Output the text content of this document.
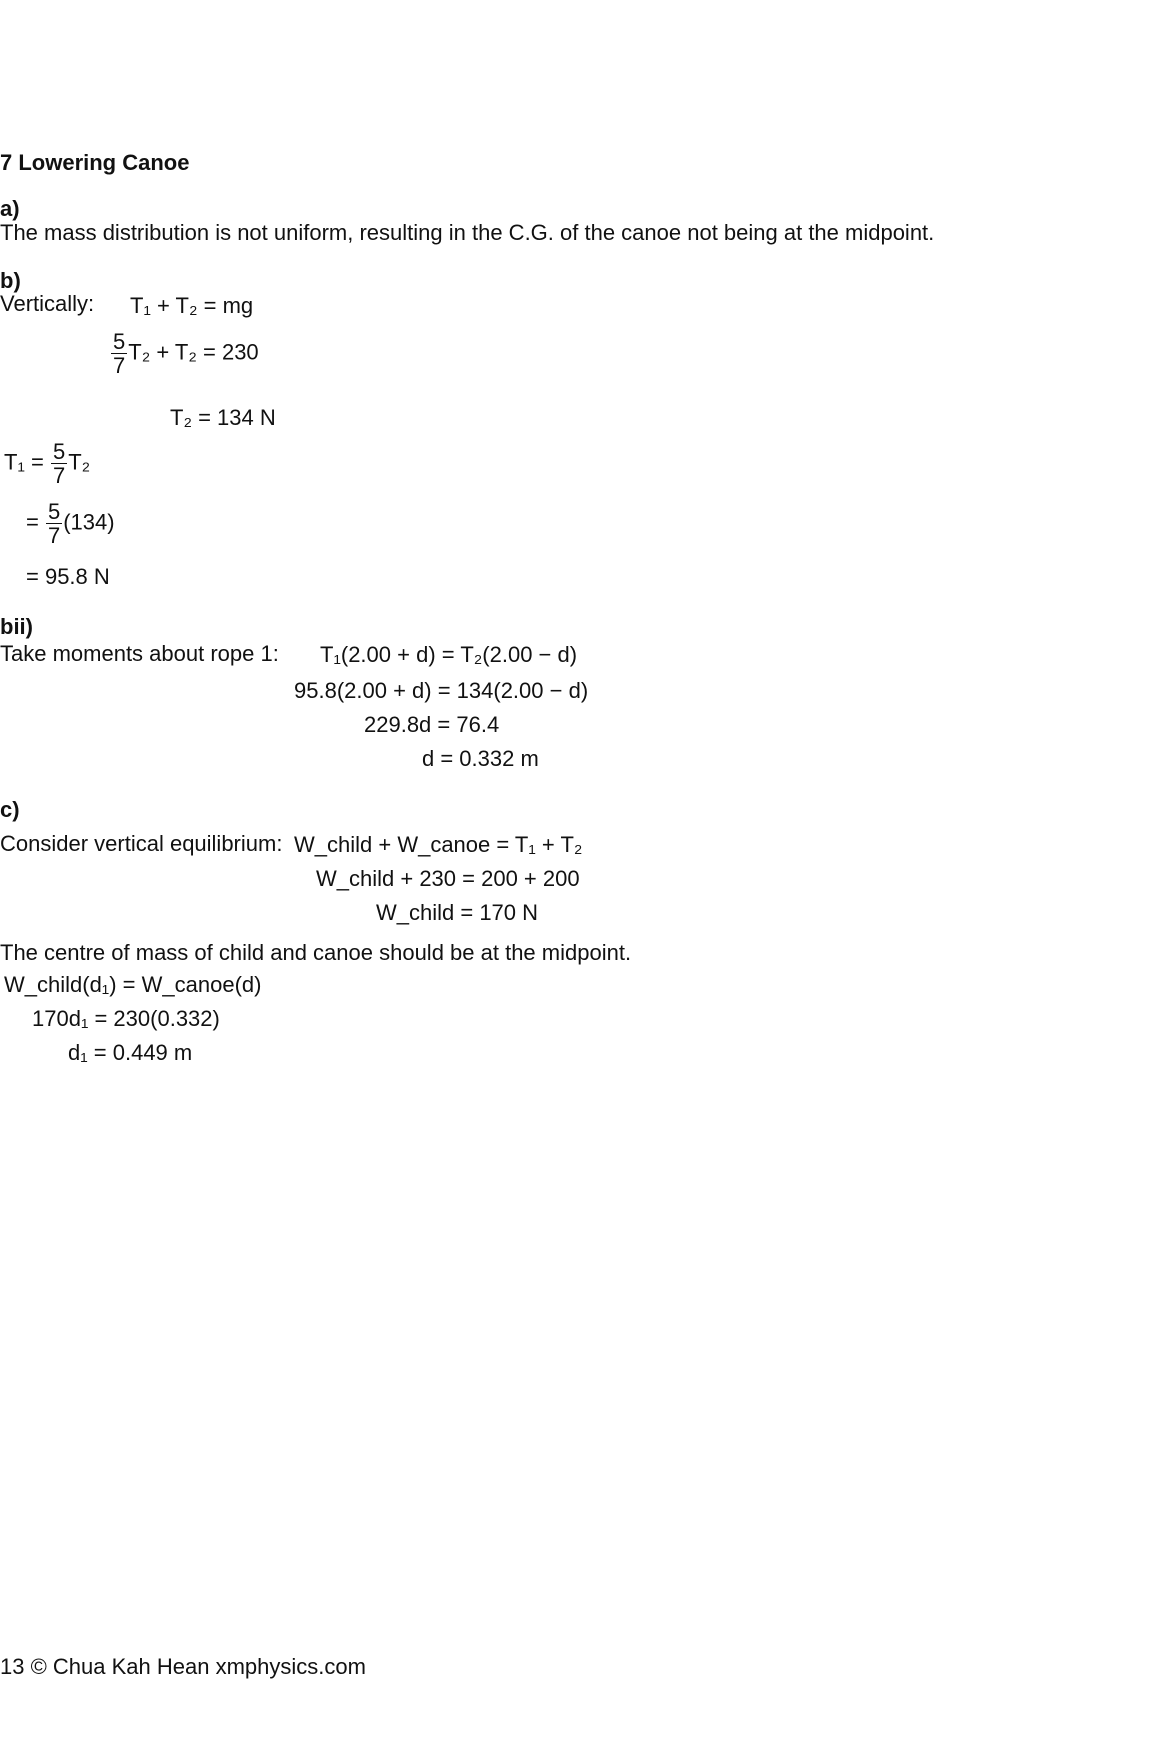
7 Lowering Canoe
a)
The mass distribution is not uniform, resulting in the C.G. of the canoe not being at the midpoint.
b)
Vertically: T₁ + T₂ = mg
$\frac{5}{7} T_2 + T_2 = 230$
T₂ = 134 N
$T_1 = \frac{5}{7} T_2$
= $\frac{5}{7} (134)$
= 95.8 N
bii)
Take moments about rope 1: T₁(2.00 + d) = T₂(2.00 − d)
95.8(2.00 + d) = 134(2.00 − d)
229.8d = 76.4
d = 0.332 m
c)
Consider vertical equilibrium: W_child + W_canoe = T₁ + T₂
W_child + 230 = 200 + 200
W_child = 170 N
The centre of mass of child and canoe should be at the midpoint.
W_child(d₁) = W_canoe(d)
170d₁ = 230(0.332)
d₁ = 0.449 m
13 © Chua Kah Hean xmphysics.com
